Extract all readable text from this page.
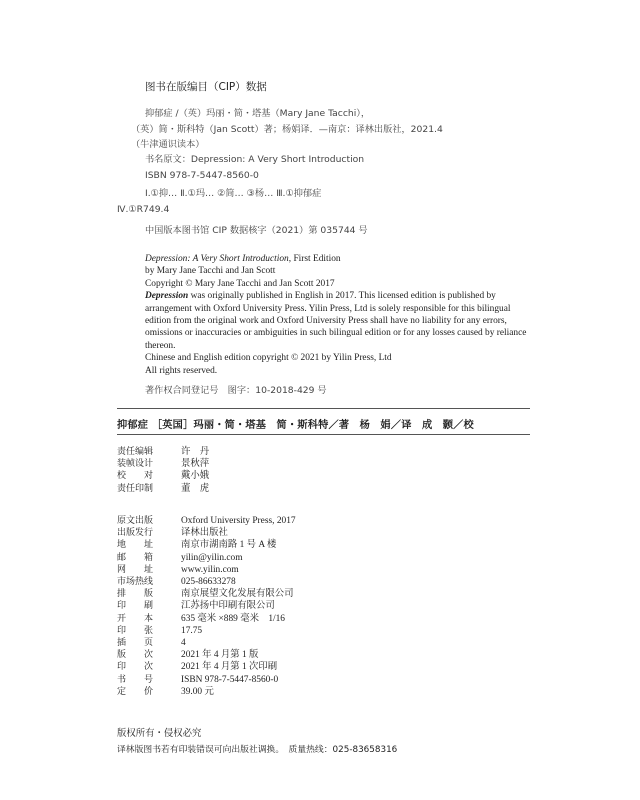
图书在版编目（CIP）数据
抑郁症 /（英）玛丽・简・塔基（Mary Jane Tacchi），
（英）简・斯科特（Jan Scott）著；杨娟译．—南京：译林出版社，2021.4
（牛津通识读本）
书名原文：Depression: A Very Short Introduction
ISBN 978-7-5447-8560-0
Ⅰ.①抑… Ⅱ.①玛… ②简… ③杨… Ⅲ.①抑郁症
Ⅳ.①R749.4
中国版本图书馆 CIP 数据核字（2021）第 035744 号

Depression: A Very Short Introduction, First Edition

by Mary Jane Tacchi and Jan Scott

Copyright © Mary Jane Tacchi and Jan Scott 2017

Depression was originally published in English in 2017. This licensed edition is published by arrangement with Oxford University Press. Yilin Press, Ltd is solely responsible for this bilingual edition from the original work and Oxford University Press shall have no liability for any errors, omissions or inaccuracies or ambiguities in such bilingual edition or for any losses caused by reliance thereon.

Chinese and English edition copyright © 2021 by Yilin Press, Ltd

All rights reserved.

著作权合同登记号　图字：10-2018-429 号
抑郁症 ［英国］玛丽・简・塔基　简・斯科特／著　杨　娟／译　成　颢／校
责任编辑	许　丹
装帧设计	景秋萍
校　　对	戴小娥
责任印制	董　虎
原文出版	Oxford University Press, 2017
出版发行	译林出版社
地　　址	南京市湖南路 1 号 A 楼
邮　　箱	yilin@yilin.com
网　　址	www.yilin.com
市场热线	025-86633278
排　　版	南京展望文化发展有限公司
印　　刷	江苏扬中印刷有限公司
开　　本	635 毫米 ×889 毫米　1/16
印　　张	17.75
插　　页	4
版　　次	2021 年 4 月第 1 版
印　　次	2021 年 4 月第 1 次印刷
书　　号	ISBN 978-7-5447-8560-0
定　　价	39.00 元
版权所有・侵权必究
译林版图书若有印装错误可向出版社调换。　质量热线：025-83658316
